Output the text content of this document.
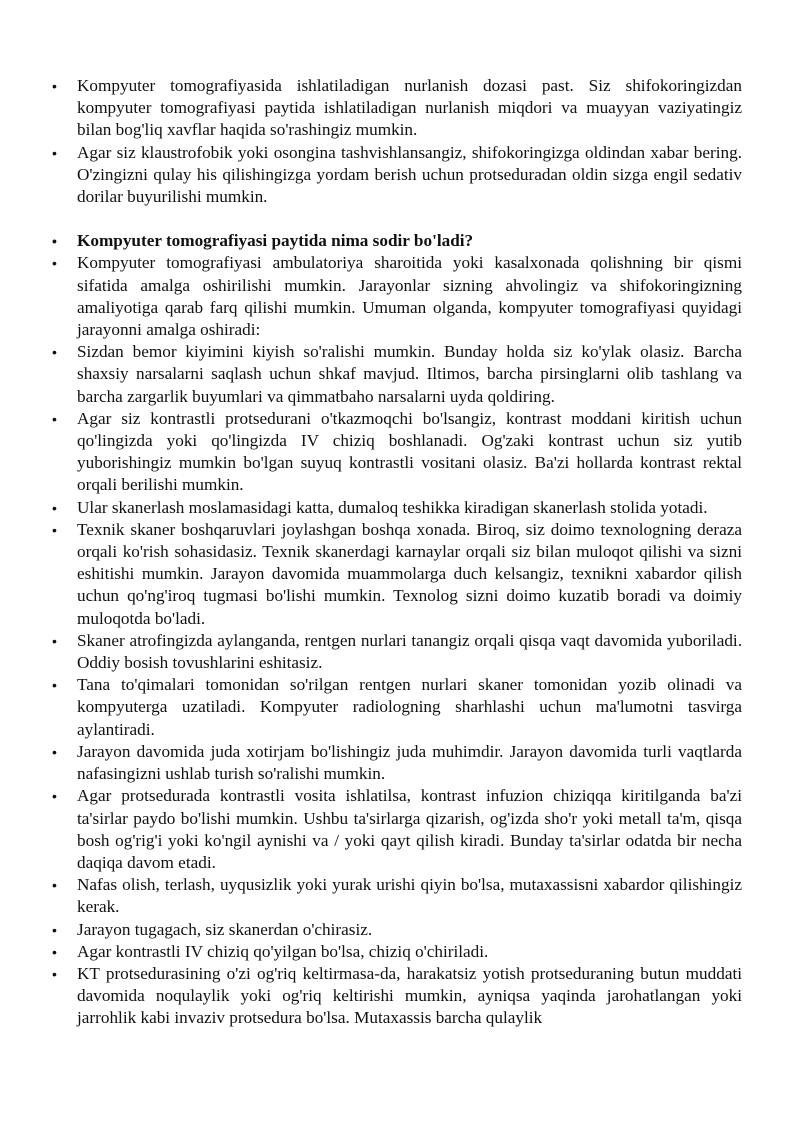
• Kompyuter tomografiyasida ishlatiladigan nurlanish dozasi past. Siz shifokoringizdan kompyuter tomografiyasi paytida ishlatiladigan nurlanish miqdori va muayyan vaziyatingiz bilan bog'liq xavflar haqida so'rashingiz mumkin.
• Agar siz klaustrofobik yoki osongina tashvishlansangiz, shifokoringizga oldindan xabar bering. O'zingizni qulay his qilishingizga yordam berish uchun protseduradan oldin sizga engil sedativ dorilar buyurilishi mumkin.
• Kompyuter tomografiyasi paytida nima sodir bo'ladi?
• Kompyuter tomografiyasi ambulatoriya sharoitida yoki kasalxonada qolishning bir qismi sifatida amalga oshirilishi mumkin. Jarayonlar sizning ahvolingiz va shifokoringizning amaliyotiga qarab farq qilishi mumkin. Umuman olganda, kompyuter tomografiyasi quyidagi jarayonni amalga oshiradi:
• Sizdan bemor kiyimini kiyish so'ralishi mumkin. Bunday holda siz ko'ylak olasiz. Barcha shaxsiy narsalarni saqlash uchun shkaf mavjud. Iltimos, barcha pirsinglarni olib tashlang va barcha zargarlik buyumlari va qimmatbaho narsalarni uyda qoldiring.
• Agar siz kontrastli protsedurani o'tkazmoqchi bo'lsangiz, kontrast moddani kiritish uchun qo'lingizda yoki qo'lingizda IV chiziq boshlanadi. Og'zaki kontrast uchun siz yutib yuborishingiz mumkin bo'lgan suyuq kontrastli vositani olasiz. Ba'zi hollarda kontrast rektal orqali berilishi mumkin.
• Ular skanerlash moslamasidagi katta, dumaloq teshikka kiradigan skanerlash stolida yotadi.
• Texnik skaner boshqaruvlari joylashgan boshqa xonada. Biroq, siz doimo texnologning deraza orqali ko'rish sohasidasiz. Texnik skanerdagi karnaylar orqali siz bilan muloqot qilishi va sizni eshitishi mumkin. Jarayon davomida muammolarga duch kelsangiz, texnikni xabardor qilish uchun qo'ng'iroq tugmasi bo'lishi mumkin. Texnolog sizni doimo kuzatib boradi va doimiy muloqotda bo'ladi.
• Skaner atrofingizda aylanganda, rentgen nurlari tanangiz orqali qisqa vaqt davomida yuboriladi. Oddiy bosish tovushlarini eshitasiz.
• Tana to'qimalari tomonidan so'rilgan rentgen nurlari skaner tomonidan yozib olinadi va kompyuterga uzatiladi. Kompyuter radiologning sharhlashi uchun ma'lumotni tasvirga aylantiradi.
• Jarayon davomida juda xotirjam bo'lishingiz juda muhimdir. Jarayon davomida turli vaqtlarda nafasingizni ushlab turish so'ralishi mumkin.
• Agar protsedurada kontrastli vosita ishlatilsa, kontrast infuzion chiziqqa kiritilganda ba'zi ta'sirlar paydo bo'lishi mumkin. Ushbu ta'sirlarga qizarish, og'izda sho'r yoki metall ta'm, qisqa bosh og'rig'i yoki ko'ngil aynishi va / yoki qayt qilish kiradi. Bunday ta'sirlar odatda bir necha daqiqa davom etadi.
• Nafas olish, terlash, uyqusizlik yoki yurak urishi qiyin bo'lsa, mutaxassisni xabardor qilishingiz kerak.
• Jarayon tugagach, siz skanerdan o'chirasiz.
• Agar kontrastli IV chiziq qo'yilgan bo'lsa, chiziq o'chiriladi.
• KT protsedurasining o'zi og'riq keltirmasa-da, harakatsiz yotish protseduraning butun muddati davomida noqulaylik yoki og'riq keltirishi mumkin, ayniqsa yaqinda jarohatlangan yoki jarrohlik kabi invaziv protsedura bo'lsa. Mutaxassis barcha qulaylik
